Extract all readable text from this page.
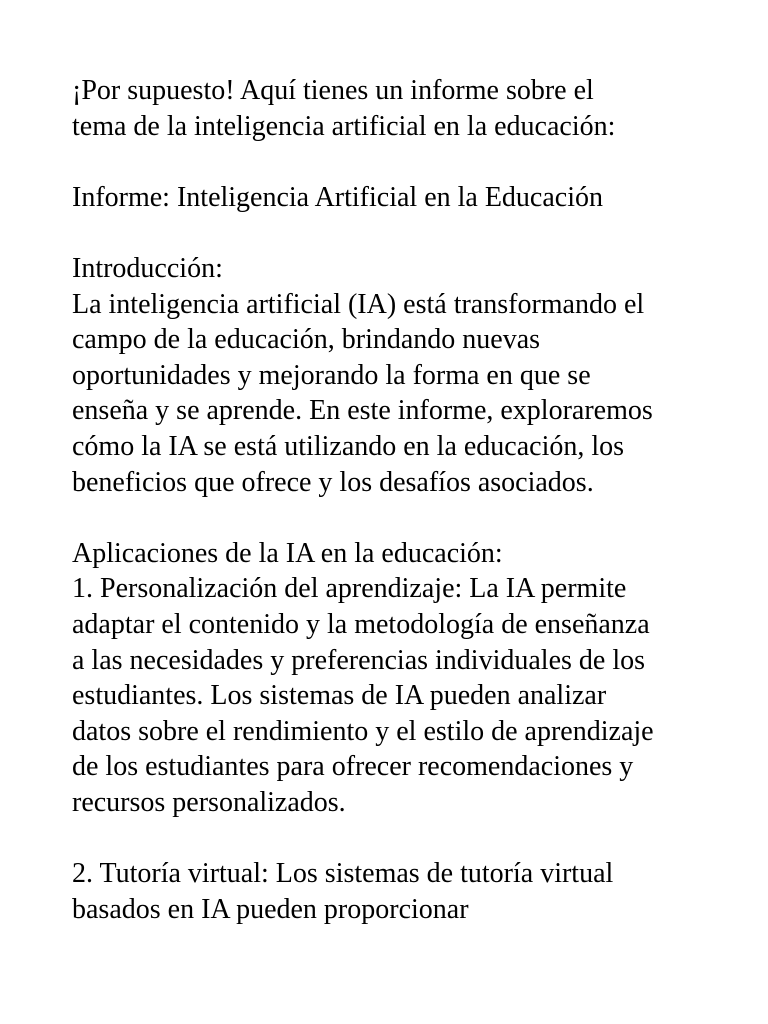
¡Por supuesto! Aquí tienes un informe sobre el
tema de la inteligencia artificial en la educación:
Informe: Inteligencia Artificial en la Educación
Introducción:
La inteligencia artificial (IA) está transformando el
campo de la educación, brindando nuevas
oportunidades y mejorando la forma en que se
enseña y se aprende. En este informe, exploraremos
cómo la IA se está utilizando en la educación, los
beneficios que ofrece y los desafíos asociados.
Aplicaciones de la IA en la educación:
1. Personalización del aprendizaje: La IA permite
adaptar el contenido y la metodología de enseñanza
a las necesidades y preferencias individuales de los
estudiantes. Los sistemas de IA pueden analizar
datos sobre el rendimiento y el estilo de aprendizaje
de los estudiantes para ofrecer recomendaciones y
recursos personalizados.
2. Tutoría virtual: Los sistemas de tutoría virtual
basados en IA pueden proporcionar
